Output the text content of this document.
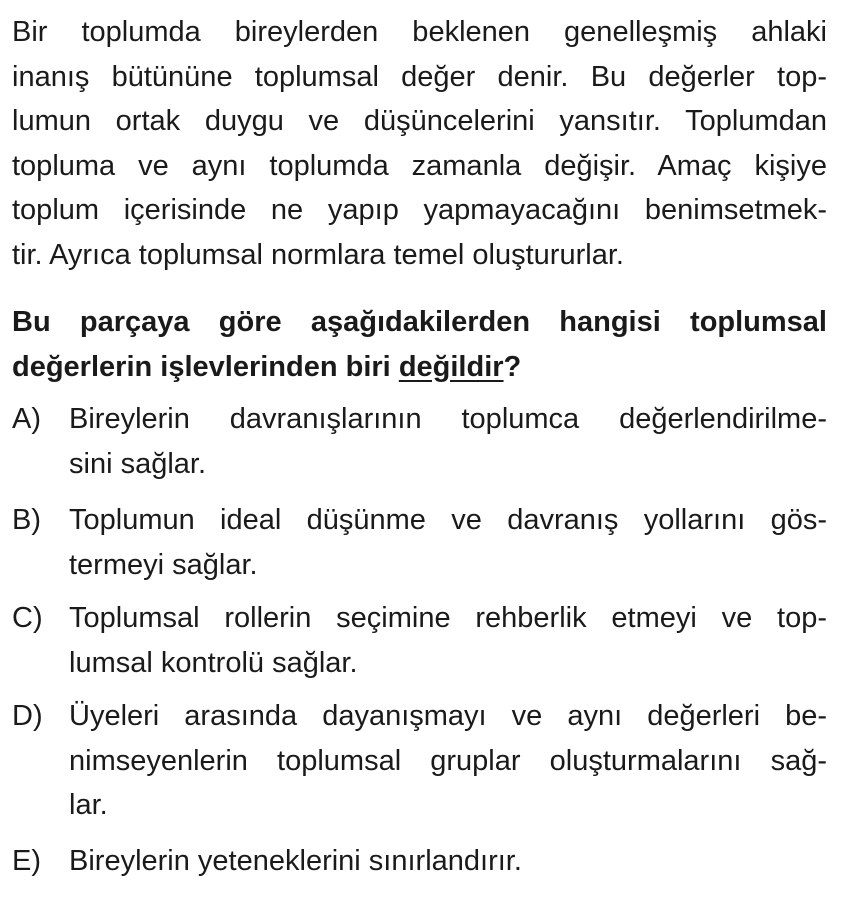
Bir toplumda bireylerden beklenen genelleşmiş ahlaki
inanış bütününe toplumsal değer denir. Bu değerler top-
lumun ortak duygu ve düşüncelerini yansıtır. Toplumdan
topluma ve aynı toplumda zamanla değişir. Amaç kişiye
toplum içerisinde ne yapıp yapmayacağını benimsetmek-
tir. Ayrıca toplumsal normlara temel oluştururlar.
Bu parçaya göre aşağıdakilerden hangisi toplumsal
değerlerin işlevlerinden biri değildir?
A) Bireylerin davranışlarının toplumca değerlendirilme-
sini sağlar.
B) Toplumun ideal düşünme ve davranış yollarını gös-
termeyi sağlar.
C) Toplumsal rollerin seçimine rehberlik etmeyi ve top-
lumsal kontrolü sağlar.
D) Üyeleri arasında dayanışmayı ve aynı değerleri be-
nimseyenlerin toplumsal gruplar oluşturmalarını sağ-
lar.
E) Bireylerin yeteneklerini sınırlandırır.
